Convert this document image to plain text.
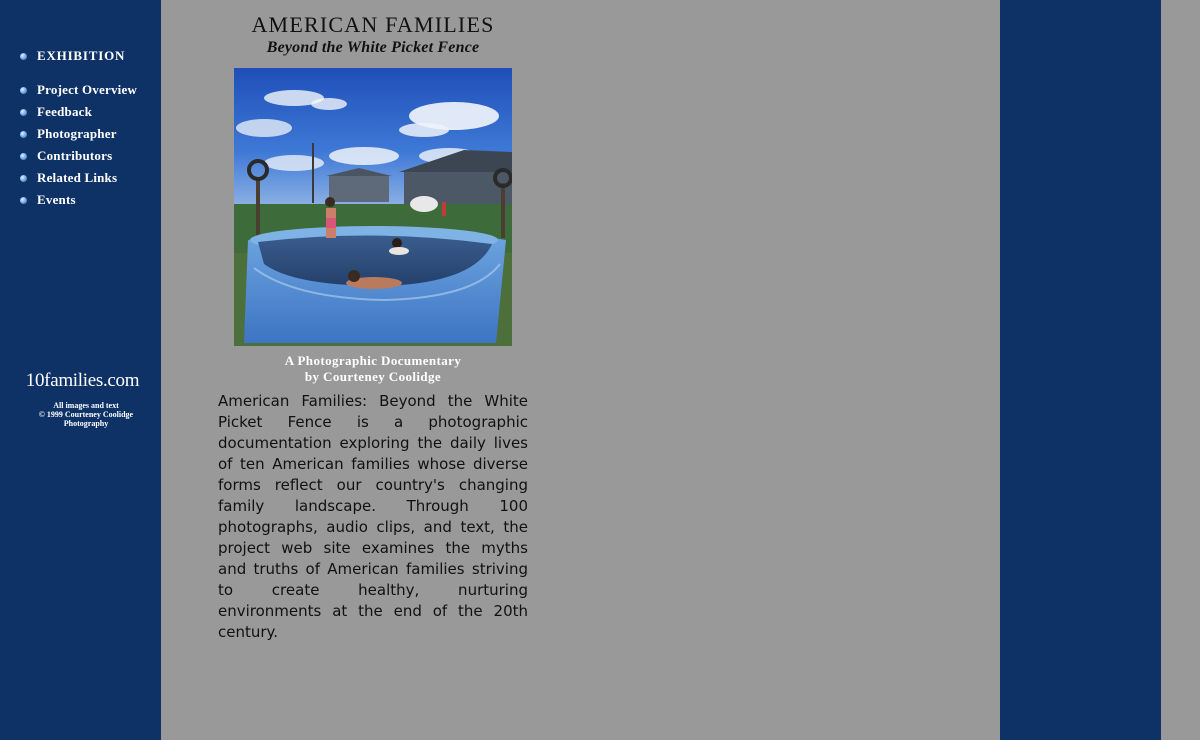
EXHIBITION
Project Overview
Feedback
Photographer
Contributors
Related Links
Events
10families.com
All images and text
© 1999 Courteney Coolidge
Photography
AMERICAN FAMILIES
Beyond the White Picket Fence
A Photographic Documentary
by Courteney Coolidge
American Families: Beyond the White Picket Fence is a photographic documentation exploring the daily lives of ten American families whose diverse forms reflect our country's changing family landscape. Through 100 photographs, audio clips, and text, the project web site examines the myths and truths of American families striving to create healthy, nurturing environments at the end of the 20th century.
